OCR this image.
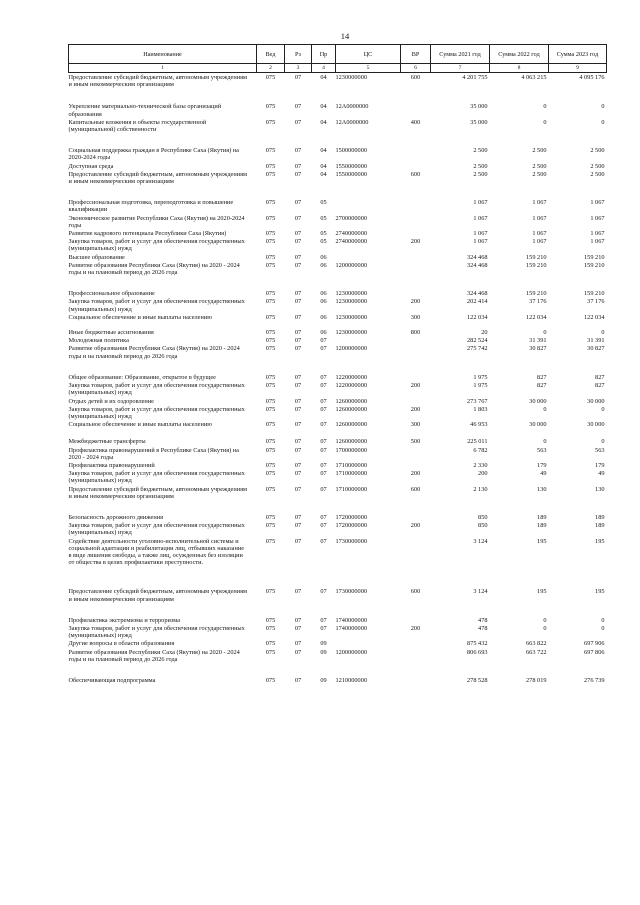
14
Наименование	Вед	Рз	Пр	ЦС	ВР	Сумма 2021 год	Сумма 2022 год	Сумма 2023 год
1	2	3	4	5	6	7	8	9
Предоставление субсидий бюджетным, автономным учреждениям и иным некоммерческим организациям	075	07	04	1230000000	600	4 201 755	4 063 215	4 095 176
Укрепление материально-технической базы организаций образования	075	07	04	12А0000000		35 000	0	0
Капитальные вложения в объекты государственной (муниципальной) собственности	075	07	04	12А0000000	400	35 000	0	0
Социальная поддержка граждан в Республике Саха (Якутия) на 2020-2024 годы	075	07	04	1500000000		2 500	2 500	2 500
Доступная среда	075	07	04	1550000000		2 500	2 500	2 500
Предоставление субсидий бюджетным, автономным учреждениям и иным некоммерческим организациям	075	07	04	1550000000	600	2 500	2 500	2 500
Профессиональная подготовка, переподготовка и повышение квалификации	075	07	05			1 067	1 067	1 067
Экономическое развитие Республики Саха (Якутия) на 2020-2024 годы	075	07	05	2700000000		1 067	1 067	1 067
Развитие кадрового потенциала Республики Саха (Якутия)	075	07	05	2740000000		1 067	1 067	1 067
Закупка товаров, работ и услуг для обеспечения государственных (муниципальных) нужд	075	07	05	2740000000	200	1 067	1 067	1 067
Высшее образование	075	07	06			324 468	159 210	159 210
Развитие образования Республики Саха (Якутия) на 2020 - 2024 годы и на плановый период до 2026 года	075	07	06	1200000000		324 468	159 210	159 210
Профессиональное образование	075	07	06	1230000000		324 468	159 210	159 210
Закупка товаров, работ и услуг для обеспечения государственных (муниципальных) нужд	075	07	06	1230000000	200	202 414	37 176	37 176
Социальное обеспечение и иные выплаты населению	075	07	06	1230000000	300	122 034	122 034	122 034
Иные бюджетные ассигнования	075	07	06	1230000000	800	20	0	0
Молодежная политика	075	07	07			282 524	31 391	31 391
Развитие образования Республики Саха (Якутия) на 2020 - 2024 годы и на плановый период до 2026 года	075	07	07	1200000000		275 742	30 827	30 827
Общее образование: Образование, открытое в будущее	075	07	07	1220000000		1 975	827	827
Закупка товаров, работ и услуг для обеспечения государственных (муниципальных) нужд	075	07	07	1220000000	200	1 975	827	827
Отдых детей и их оздоровление	075	07	07	1260000000		273 767	30 000	30 000
Закупка товаров, работ и услуг для обеспечения государственных (муниципальных) нужд	075	07	07	1260000000	200	1 803	0	0
Социальное обеспечение и иные выплаты населению	075	07	07	1260000000	300	46 953	30 000	30 000
Межбюджетные трансферты	075	07	07	1260000000	500	225 011	0	0
Профилактика правонарушений в Республике Саха (Якутия) на 2020 - 2024 годы	075	07	07	1700000000		6 782	563	563
Профилактика правонарушений	075	07	07	1710000000		2 330	179	179
Закупка товаров, работ и услуг для обеспечения государственных (муниципальных) нужд	075	07	07	1710000000	200	200	49	49
Предоставление субсидий бюджетным, автономным учреждениям и иным некоммерческим организациям	075	07	07	1710000000	600	2 130	130	130
Безопасность дорожного движения	075	07	07	1720000000		850	189	189
Закупка товаров, работ и услуг для обеспечения государственных (муниципальных) нужд	075	07	07	1720000000	200	850	189	189
Содействие деятельности уголовно-исполнительной системы и социальной адаптации и реабилитации лиц, отбывших наказание в виде лишения свободы, а также лиц, осужденных без изоляции от общества в целях профилактики преступности.	075	07	07	1730000000		3 124	195	195
Предоставление субсидий бюджетным, автономным учреждениям и иным некоммерческим организациям	075	07	07	1730000000	600	3 124	195	195
Профилактика экстремизма и терроризма	075	07	07	1740000000		478	0	0
Закупка товаров, работ и услуг для обеспечения государственных (муниципальных) нужд	075	07	07	1740000000	200	478	0	0
Другие вопросы в области образования	075	07	09			875 432	663 822	697 906
Развитие образования Республики Саха (Якутия) на 2020 - 2024 годы и на плановый период до 2026 года	075	07	09	1200000000		806 693	663 722	697 806
Обеспечивающая подпрограмма	075	07	09	1210000000		278 528	278 019	276 739
